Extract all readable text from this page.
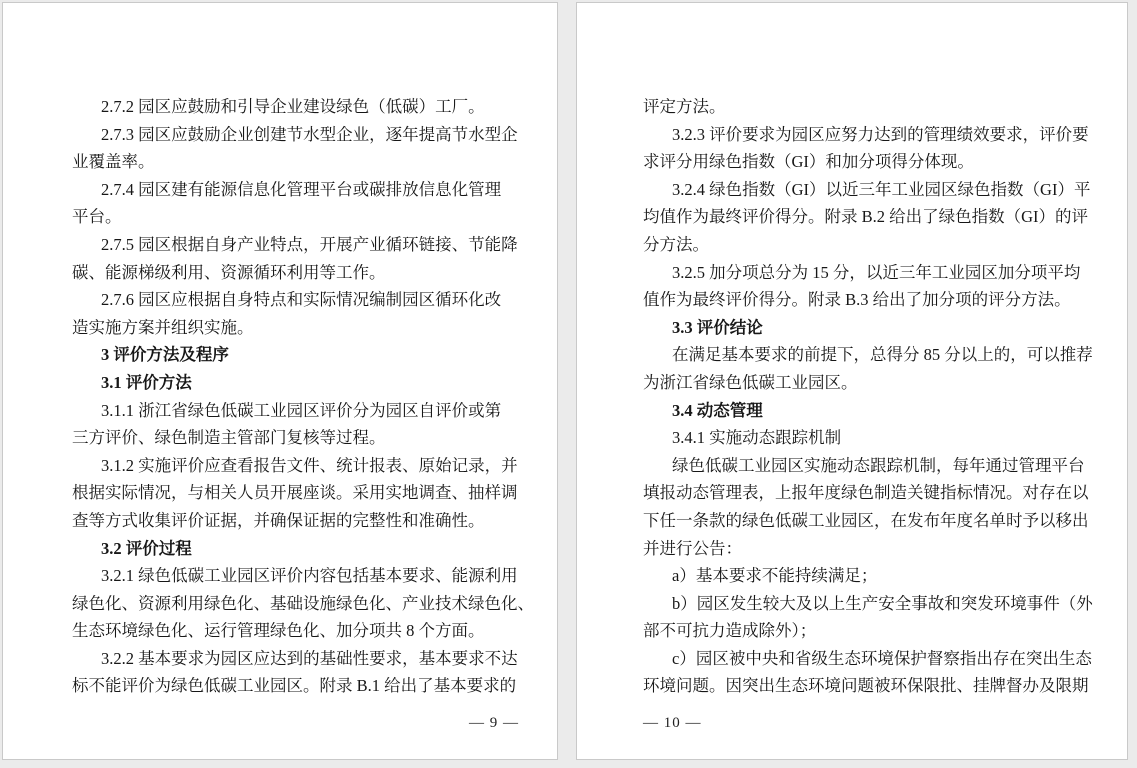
2.7.2 园区应鼓励和引导企业建设绿色（低碳）工厂。
2.7.3 园区应鼓励企业创建节水型企业，逐年提高节水型企
业覆盖率。
2.7.4 园区建有能源信息化管理平台或碳排放信息化管理
平台。
2.7.5 园区根据自身产业特点，开展产业循环链接、节能降
碳、能源梯级利用、资源循环利用等工作。
2.7.6 园区应根据自身特点和实际情况编制园区循环化改
造实施方案并组织实施。
3 评价方法及程序
3.1 评价方法
3.1.1 浙江省绿色低碳工业园区评价分为园区自评价或第
三方评价、绿色制造主管部门复核等过程。
3.1.2 实施评价应查看报告文件、统计报表、原始记录，并
根据实际情况，与相关人员开展座谈。采用实地调查、抽样调
查等方式收集评价证据，并确保证据的完整性和准确性。
3.2 评价过程
3.2.1 绿色低碳工业园区评价内容包括基本要求、能源利用
绿色化、资源利用绿色化、基础设施绿色化、产业技术绿色化、
生态环境绿色化、运行管理绿色化、加分项共 8 个方面。
3.2.2 基本要求为园区应达到的基础性要求，基本要求不达
标不能评价为绿色低碳工业园区。附录 B.1 给出了基本要求的
— 9 —
评定方法。
3.2.3 评价要求为园区应努力达到的管理绩效要求，评价要
求评分用绿色指数（GI）和加分项得分体现。
3.2.4 绿色指数（GI）以近三年工业园区绿色指数（GI）平
均值作为最终评价得分。附录 B.2 给出了绿色指数（GI）的评
分方法。
3.2.5 加分项总分为 15 分，以近三年工业园区加分项平均
值作为最终评价得分。附录 B.3 给出了加分项的评分方法。
3.3 评价结论
在满足基本要求的前提下，总得分 85 分以上的，可以推荐
为浙江省绿色低碳工业园区。
3.4 动态管理
3.4.1 实施动态跟踪机制
绿色低碳工业园区实施动态跟踪机制，每年通过管理平台
填报动态管理表，上报年度绿色制造关键指标情况。对存在以
下任一条款的绿色低碳工业园区，在发布年度名单时予以移出
并进行公告：
a）基本要求不能持续满足；
b）园区发生较大及以上生产安全事故和突发环境事件（外
部不可抗力造成除外）；
c）园区被中央和省级生态环境保护督察指出存在突出生态
环境问题。因突出生态环境问题被环保限批、挂牌督办及限期
— 10 —
